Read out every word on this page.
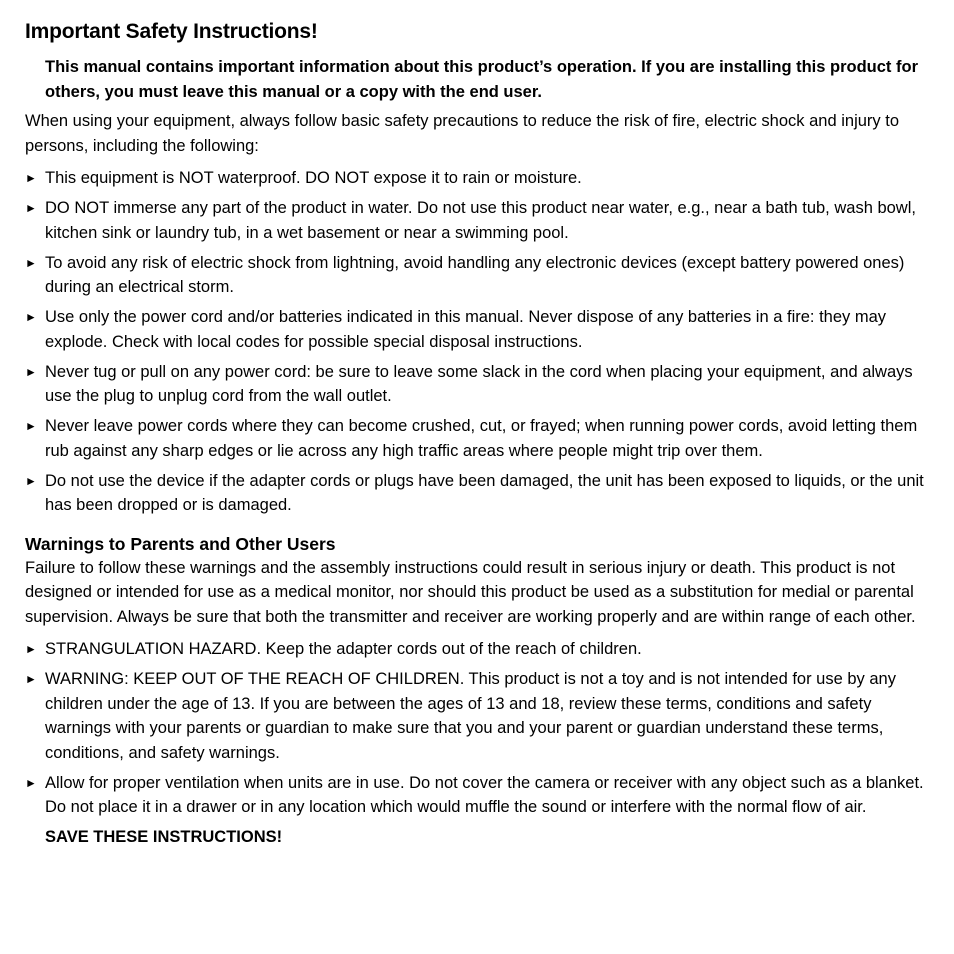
Important Safety Instructions!
This manual contains important information about this product’s operation. If you are installing this product for others, you must leave this manual or a copy with the end user.
When using your equipment, always follow basic safety precautions to reduce the risk of fire, electric shock and injury to persons, including the following:
► This equipment is NOT waterproof. DO NOT expose it to rain or moisture.
► DO NOT immerse any part of the product in water. Do not use this product near water, e.g., near a bath tub, wash bowl, kitchen sink or laundry tub, in a wet basement or near a swimming pool.
► To avoid any risk of electric shock from lightning, avoid handling any electronic devices (except battery powered ones) during an electrical storm.
► Use only the power cord and/or batteries indicated in this manual. Never dispose of any batteries in a fire: they may explode. Check with local codes for possible special disposal instructions.
► Never tug or pull on any power cord: be sure to leave some slack in the cord when placing your equipment, and always use the plug to unplug cord from the wall outlet.
► Never leave power cords where they can become crushed, cut, or frayed; when running power cords, avoid letting them rub against any sharp edges or lie across any high traffic areas where people might trip over them.
► Do not use the device if the adapter cords or plugs have been damaged, the unit has been exposed to liquids, or the unit has been dropped or is damaged.
Warnings to Parents and Other Users
Failure to follow these warnings and the assembly instructions could result in serious injury or death. This product is not designed or intended for use as a medical monitor, nor should this product be used as a substitution for medial or parental supervision. Always be sure that both the transmitter and receiver are working properly and are within range of each other.
► STRANGULATION HAZARD. Keep the adapter cords out of the reach of children.
► WARNING: KEEP OUT OF THE REACH OF CHILDREN. This product is not a toy and is not intended for use by any children under the age of 13. If you are between the ages of 13 and 18, review these terms, conditions and safety warnings with your parents or guardian to make sure that you and your parent or guardian understand these terms, conditions, and safety warnings.
► Allow for proper ventilation when units are in use. Do not cover the camera or receiver with any object such as a blanket. Do not place it in a drawer or in any location which would muffle the sound or interfere with the normal flow of air.
SAVE THESE INSTRUCTIONS!
